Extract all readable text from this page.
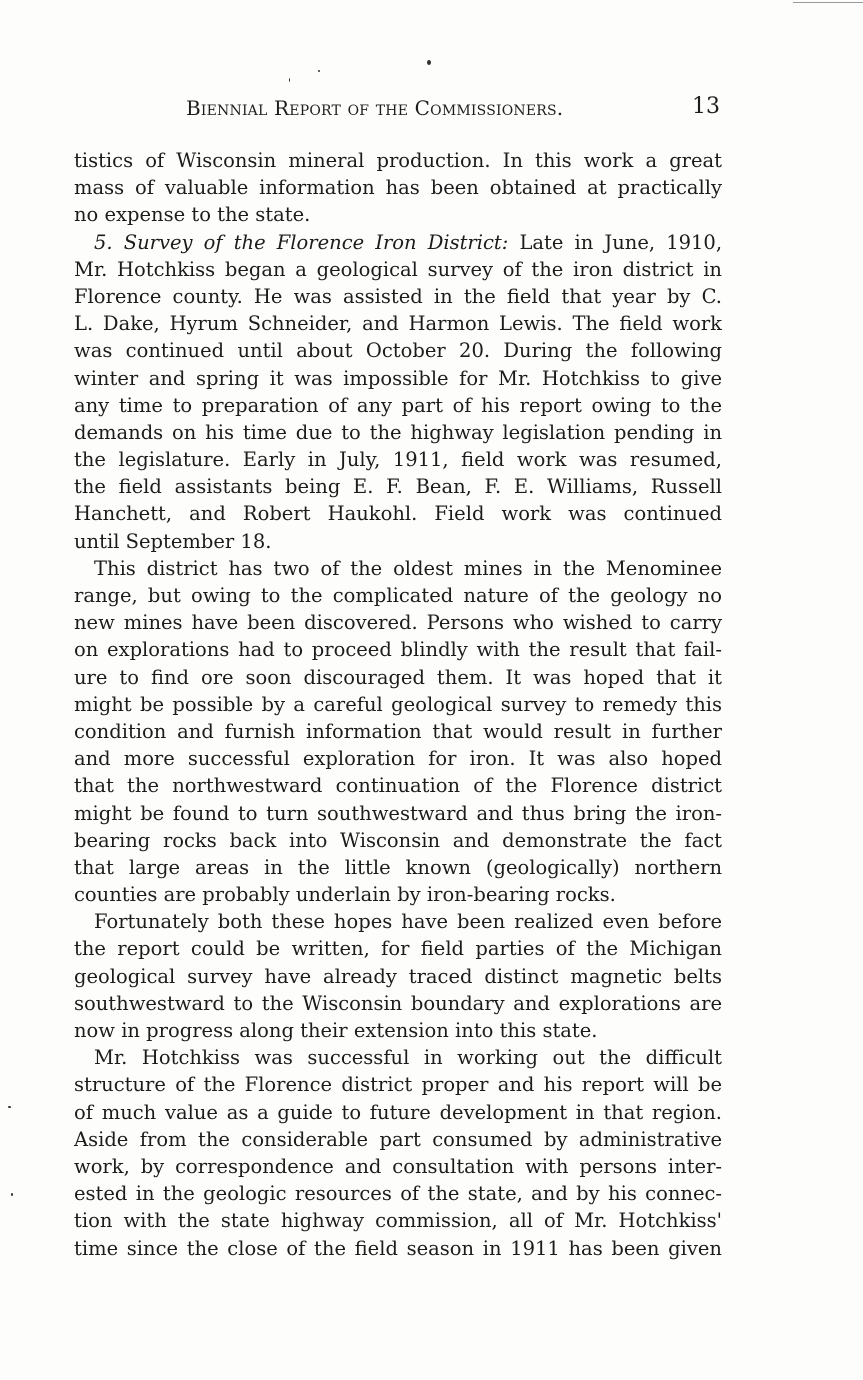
Biennial Report of the Commissioners.	13
tistics of Wisconsin mineral production. In this work a great
mass of valuable information has been obtained at practically
no expense to the state.
5. Survey of the Florence Iron District: Late in June, 1910,
Mr. Hotchkiss began a geological survey of the iron district in
Florence county. He was assisted in the field that year by C.
L. Dake, Hyrum Schneider, and Harmon Lewis. The field work
was continued until about October 20. During the following
winter and spring it was impossible for Mr. Hotchkiss to give
any time to preparation of any part of his report owing to the
demands on his time due to the highway legislation pending in
the legislature. Early in July, 1911, field work was resumed,
the field assistants being E. F. Bean, F. E. Williams, Russell
Hanchett, and Robert Haukohl. Field work was continued
until September 18.
This district has two of the oldest mines in the Menominee
range, but owing to the complicated nature of the geology no
new mines have been discovered. Persons who wished to carry
on explorations had to proceed blindly with the result that fail-
ure to find ore soon discouraged them. It was hoped that it
might be possible by a careful geological survey to remedy this
condition and furnish information that would result in further
and more successful exploration for iron. It was also hoped
that the northwestward continuation of the Florence district
might be found to turn southwestward and thus bring the iron-
bearing rocks back into Wisconsin and demonstrate the fact
that large areas in the little known (geologically) northern
counties are probably underlain by iron-bearing rocks.
Fortunately both these hopes have been realized even before
the report could be written, for field parties of the Michigan
geological survey have already traced distinct magnetic belts
southwestward to the Wisconsin boundary and explorations are
now in progress along their extension into this state.
Mr. Hotchkiss was successful in working out the difficult
structure of the Florence district proper and his report will be
of much value as a guide to future development in that region.
Aside from the considerable part consumed by administrative
work, by correspondence and consultation with persons inter-
ested in the geologic resources of the state, and by his connec-
tion with the state highway commission, all of Mr. Hotchkiss'
time since the close of the field season in 1911 has been given
